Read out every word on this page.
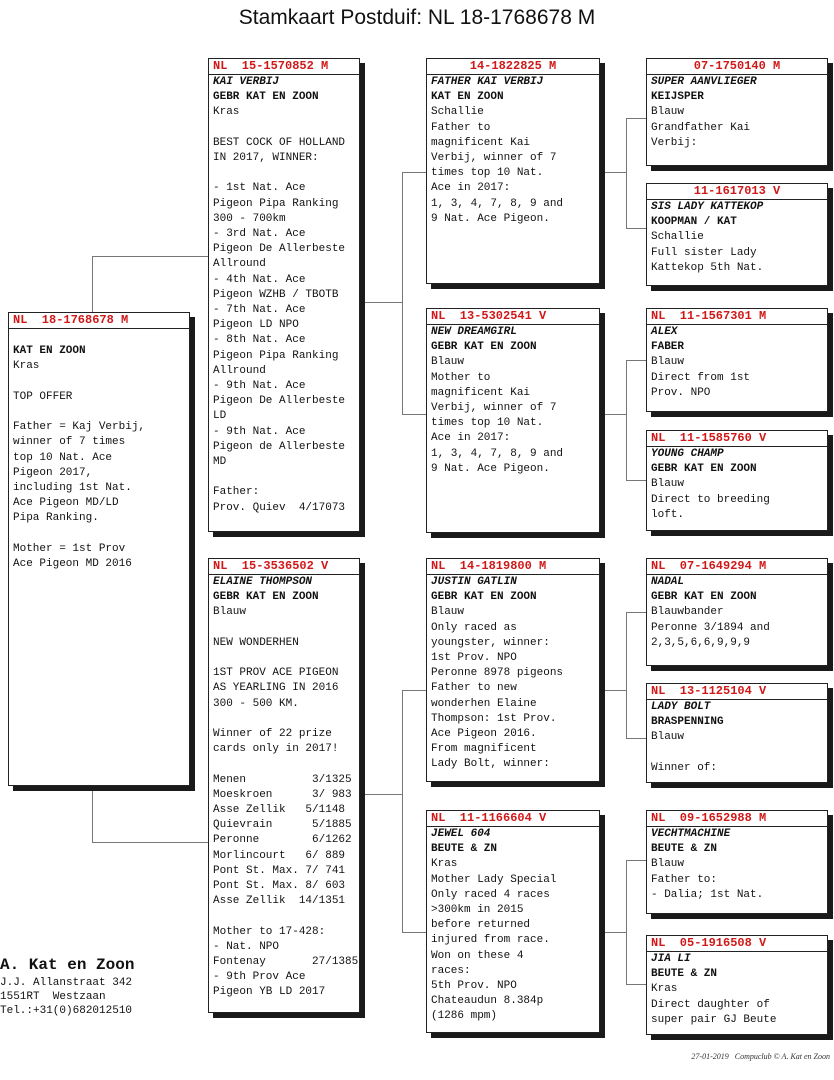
Stamkaart Postduif: NL 18-1768678 M
NL  18-1768678 M
KAT EN ZOON
Kras
TOP OFFER
Father = Kaj Verbij,
winner of 7 times
top 10 Nat. Ace
Pigeon 2017,
including 1st Nat.
Ace Pigeon MD/LD
Pipa Ranking.
Mother = 1st Prov
Ace Pigeon MD 2016
NL  15-1570852 M
KAI VERBIJ
GEBR KAT EN ZOON
Kras
BEST COCK OF HOLLAND
IN 2017, WINNER:
- 1st Nat. Ace
Pigeon Pipa Ranking
300 - 700km
- 3rd Nat. Ace
Pigeon De Allerbeste
Allround
- 4th Nat. Ace
Pigeon WZHB / TBOTB
- 7th Nat. Ace
Pigeon LD NPO
- 8th Nat. Ace
Pigeon Pipa Ranking
Allround
- 9th Nat. Ace
Pigeon De Allerbeste
LD
- 9th Nat. Ace
Pigeon de Allerbeste
MD
Father:
Prov. Quiev  4/17073
NL  15-3536502 V
ELAINE THOMPSON
GEBR KAT EN ZOON
Blauw
NEW WONDERHEN
1ST PROV ACE PIGEON
AS YEARLING IN 2016
300 - 500 KM.
Winner of 22 prize
cards only in 2017!
Menen          3/1325
Moeskroen      3/ 983
Asse Zellik   5/1148
Quievrain      5/1885
Peronne        6/1262
Morlincourt   6/ 889
Pont St. Max. 7/ 741
Pont St. Max. 8/ 603
Asse Zellik  14/1351
Mother to 17-428:
- Nat. NPO
Fontenay       27/1385
- 9th Prov Ace
Pigeon YB LD 2017
14-1822825 M
FATHER KAI VERBIJ
KAT EN ZOON
Schallie
Father to
magnificent Kai
Verbij, winner of 7
times top 10 Nat.
Ace in 2017:
1, 3, 4, 7, 8, 9 and
9 Nat. Ace Pigeon.
NL  13-5302541 V
NEW DREAMGIRL
GEBR KAT EN ZOON
Blauw
Mother to
magnificent Kai
Verbij, winner of 7
times top 10 Nat.
Ace in 2017:
1, 3, 4, 7, 8, 9 and
9 Nat. Ace Pigeon.
NL  14-1819800 M
JUSTIN GATLIN
GEBR KAT EN ZOON
Blauw
Only raced as
youngster, winner:
1st Prov. NPO
Peronne 8978 pigeons
Father to new
wonderhen Elaine
Thompson: 1st Prov.
Ace Pigeon 2016.
From magnificent
Lady Bolt, winner:
NL  11-1166604 V
JEWEL 604
BEUTE & ZN
Kras
Mother Lady Special
Only raced 4 races
>300km in 2015
before returned
injured from race.
Won on these 4
races:
5th Prov. NPO
Chateaudun 8.384p
(1286 mpm)
07-1750140 M
SUPER AANVLIEGER
KEIJSPER
Blauw
Grandfather Kai
Verbij:
11-1617013 V
SIS LADY KATTEKOP
KOOPMAN / KAT
Schallie
Full sister Lady
Kattekop 5th Nat.
NL  11-1567301 M
ALEX
FABER
Blauw
Direct from 1st
Prov. NPO
NL  11-1585760 V
YOUNG CHAMP
GEBR KAT EN ZOON
Blauw
Direct to breeding
loft.
NL  07-1649294 M
NADAL
GEBR KAT EN ZOON
Blauwbander
Peronne 3/1894 and
2,3,5,6,6,9,9,9
NL  13-1125104 V
LADY BOLT
BRASPENNING
Blauw
Winner of:
NL  09-1652988 M
VECHTMACHINE
BEUTE & ZN
Blauw
Father to:
- Dalia; 1st Nat.
NL  05-1916508 V
JIA LI
BEUTE & ZN
Kras
Direct daughter of
super pair GJ Beute
A. Kat en Zoon
J.J. Allanstraat 342
1551RT  Westzaan
Tel.:+31(0)682012510
27-01-2019   Compuclub © A. Kat en Zoon
